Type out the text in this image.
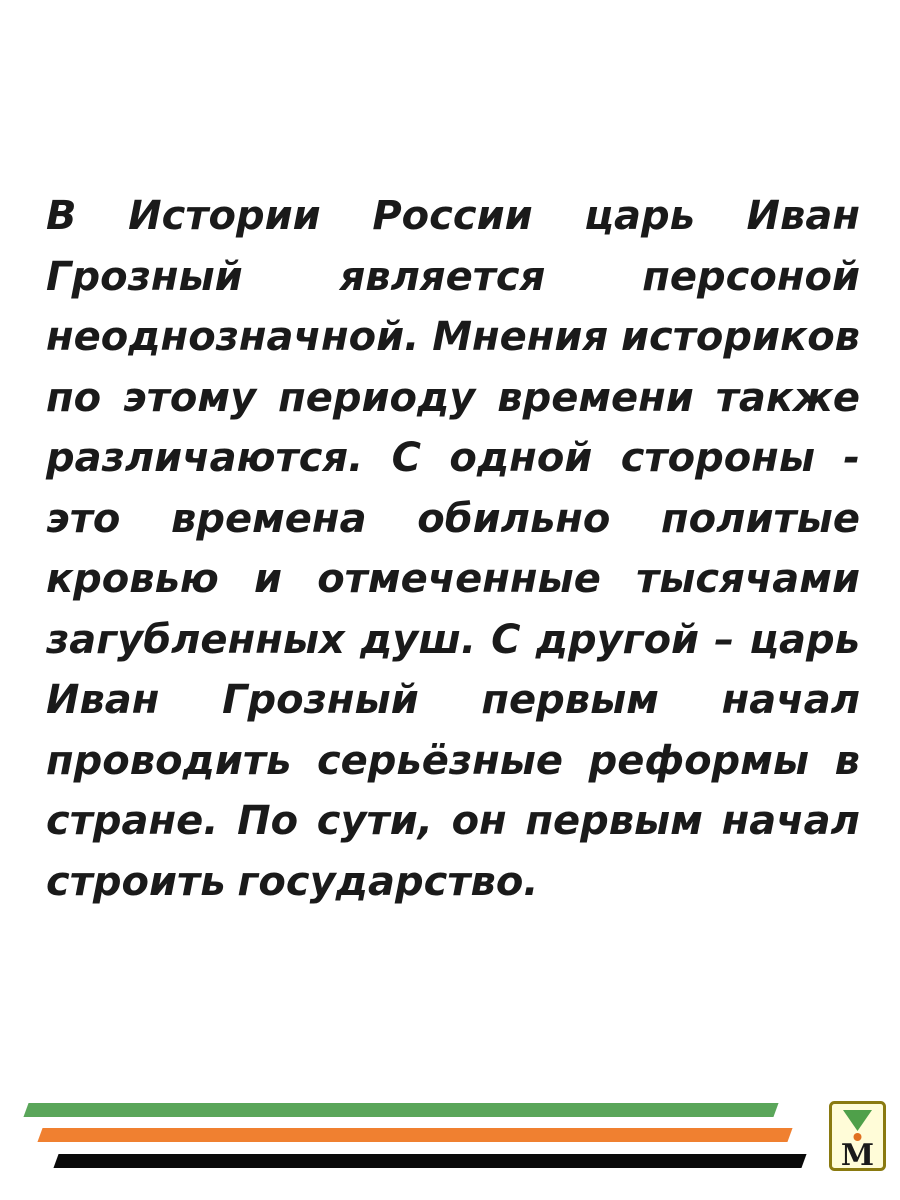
В Истории России царь Иван
Грозный является персоной
неоднозначной. Мнения историков
по этому периоду времени также
различаются. С одной стороны -
это времена обильно политые
кровью и отмеченные тысячами
загубленных душ. С другой – царь
Иван Грозный первым начал
проводить серьёзные реформы в
стране. По сути, он первым начал
строить государство.
М
